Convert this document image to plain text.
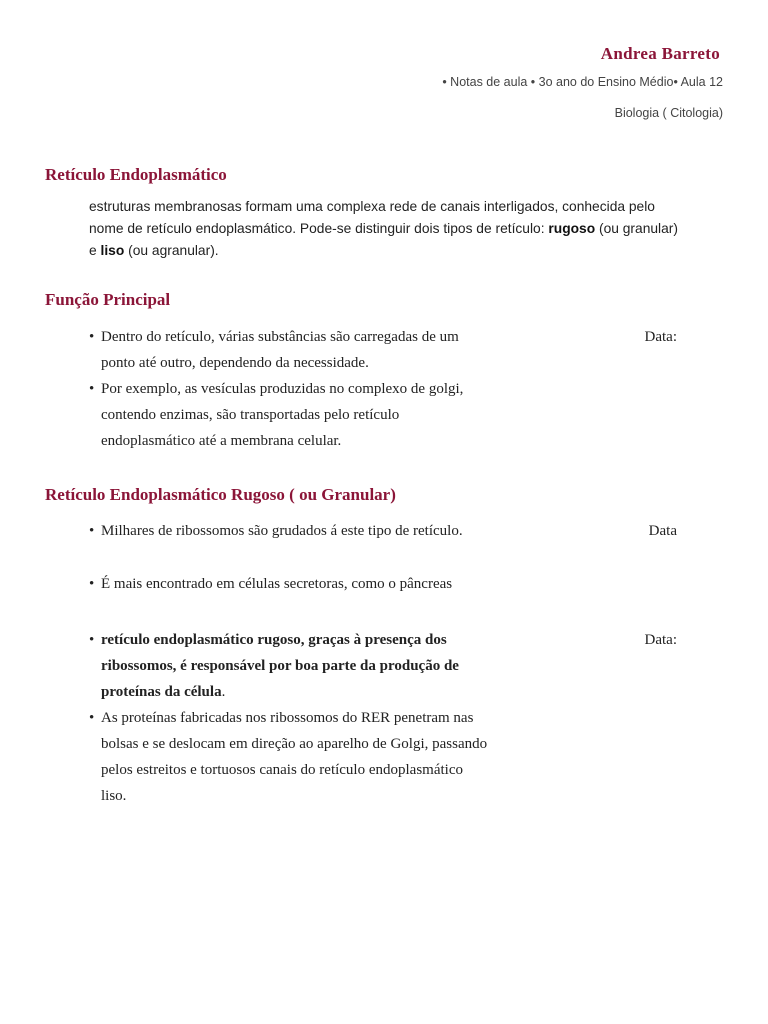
Andrea Barreto
• Notas de aula • 3o ano do Ensino Médio• Aula 12
Biologia ( Citologia)
Retículo Endoplasmático
estruturas membranosas formam uma complexa rede de canais interligados, conhecida pelo nome de retículo endoplasmático. Pode-se distinguir dois tipos de retículo: rugoso (ou granular) e liso (ou agranular).
Função Principal
• Dentro do retículo, várias substâncias são carregadas de um ponto até outro, dependendo da necessidade.
Data:
• Por exemplo, as vesículas produzidas no complexo de golgi, contendo enzimas, são transportadas pelo retículo endoplasmático até a membrana celular.
Retículo Endoplasmático Rugoso ( ou Granular)
• Milhares de ribossomos são grudados á este tipo de retículo.	Data
• É mais encontrado em células secretoras, como o pâncreas
• retículo endoplasmático rugoso, graças à presença dos ribossomos, é responsável por boa parte da produção de proteínas da célula.
Data:
• As proteínas fabricadas nos ribossomos do RER penetram nas bolsas e se deslocam em direção ao aparelho de Golgi, passando pelos estreitos e tortuosos canais do retículo endoplasmático liso.
